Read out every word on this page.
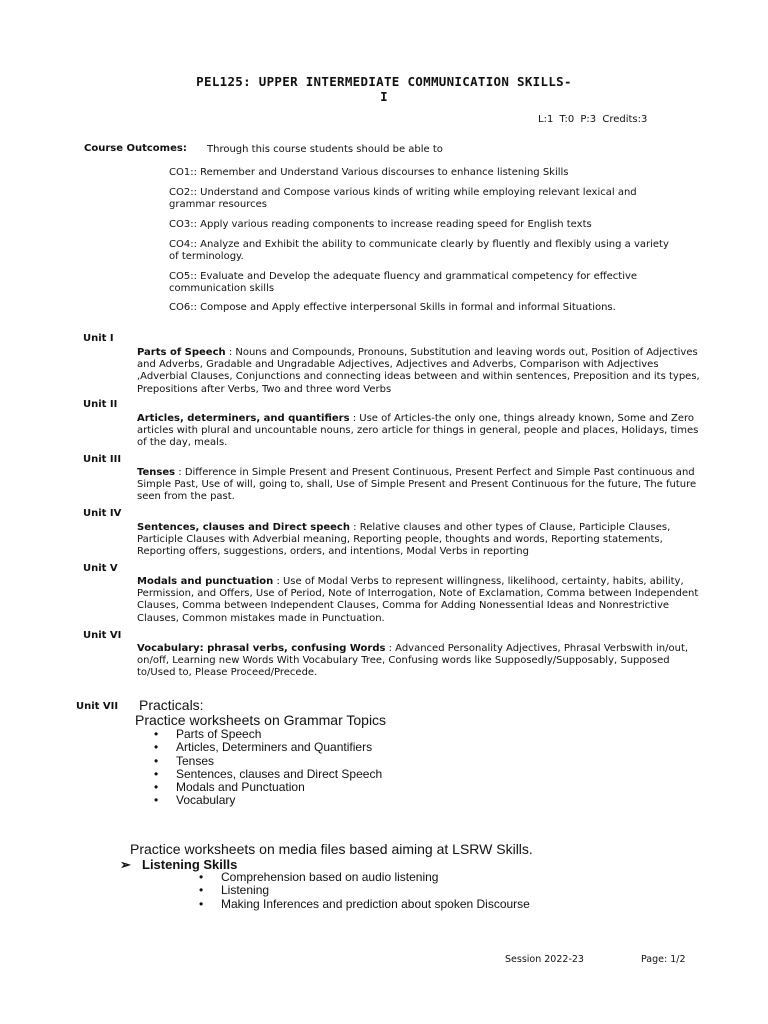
PEL125: UPPER INTERMEDIATE COMMUNICATION SKILLS-
I
L:1 T:0 P:3 Credits:3
Course Outcomes: Through this course students should be able to
CO1:: Remember and Understand Various discourses to enhance listening Skills
CO2:: Understand and Compose various kinds of writing while employing relevant lexical and grammar resources
CO3:: Apply various reading components to increase reading speed for English texts
CO4:: Analyze and Exhibit the ability to communicate clearly by fluently and flexibly using a variety of terminology.
CO5:: Evaluate and Develop the adequate fluency and grammatical competency for effective communication skills
CO6:: Compose and Apply effective interpersonal Skills in formal and informal Situations.
Unit I
Parts of Speech : Nouns and Compounds, Pronouns, Substitution and leaving words out, Position of Adjectives and Adverbs, Gradable and Ungradable Adjectives, Adjectives and Adverbs, Comparison with Adjectives ,Adverbial Clauses, Conjunctions and connecting ideas between and within sentences, Preposition and its types, Prepositions after Verbs, Two and three word Verbs
Unit II
Articles, determiners, and quantifiers : Use of Articles-the only one, things already known, Some and Zero articles with plural and uncountable nouns, zero article for things in general, people and places, Holidays, times of the day, meals.
Unit III
Tenses : Difference in Simple Present and Present Continuous, Present Perfect and Simple Past continuous and Simple Past, Use of will, going to, shall, Use of Simple Present and Present Continuous for the future, The future seen from the past.
Unit IV
Sentences, clauses and Direct speech : Relative clauses and other types of Clause, Participle Clauses, Participle Clauses with Adverbial meaning, Reporting people, thoughts and words, Reporting statements, Reporting offers, suggestions, orders, and intentions, Modal Verbs in reporting
Unit V
Modals and punctuation : Use of Modal Verbs to represent willingness, likelihood, certainty, habits, ability, Permission, and Offers, Use of Period, Note of Interrogation, Note of Exclamation, Comma between Independent Clauses, Comma between Independent Clauses, Comma for Adding Nonessential Ideas and Nonrestrictive Clauses, Common mistakes made in Punctuation.
Unit VI
Vocabulary: phrasal verbs, confusing Words : Advanced Personality Adjectives, Phrasal Verbswith in/out, on/off, Learning new Words With Vocabulary Tree, Confusing words like Supposedly/Supposably, Supposed to/Used to, Please Proceed/Precede.
Unit VII Practicals:
Practice worksheets on Grammar Topics
• Parts of Speech
• Articles, Determiners and Quantifiers
• Tenses
• Sentences, clauses and Direct Speech
• Modals and Punctuation
• Vocabulary
Practice worksheets on media files based aiming at LSRW Skills.
➢ Listening Skills
• Comprehension based on audio listening
• Listening
• Making Inferences and prediction about spoken Discourse
Session 2022-23	Page: 1/2
